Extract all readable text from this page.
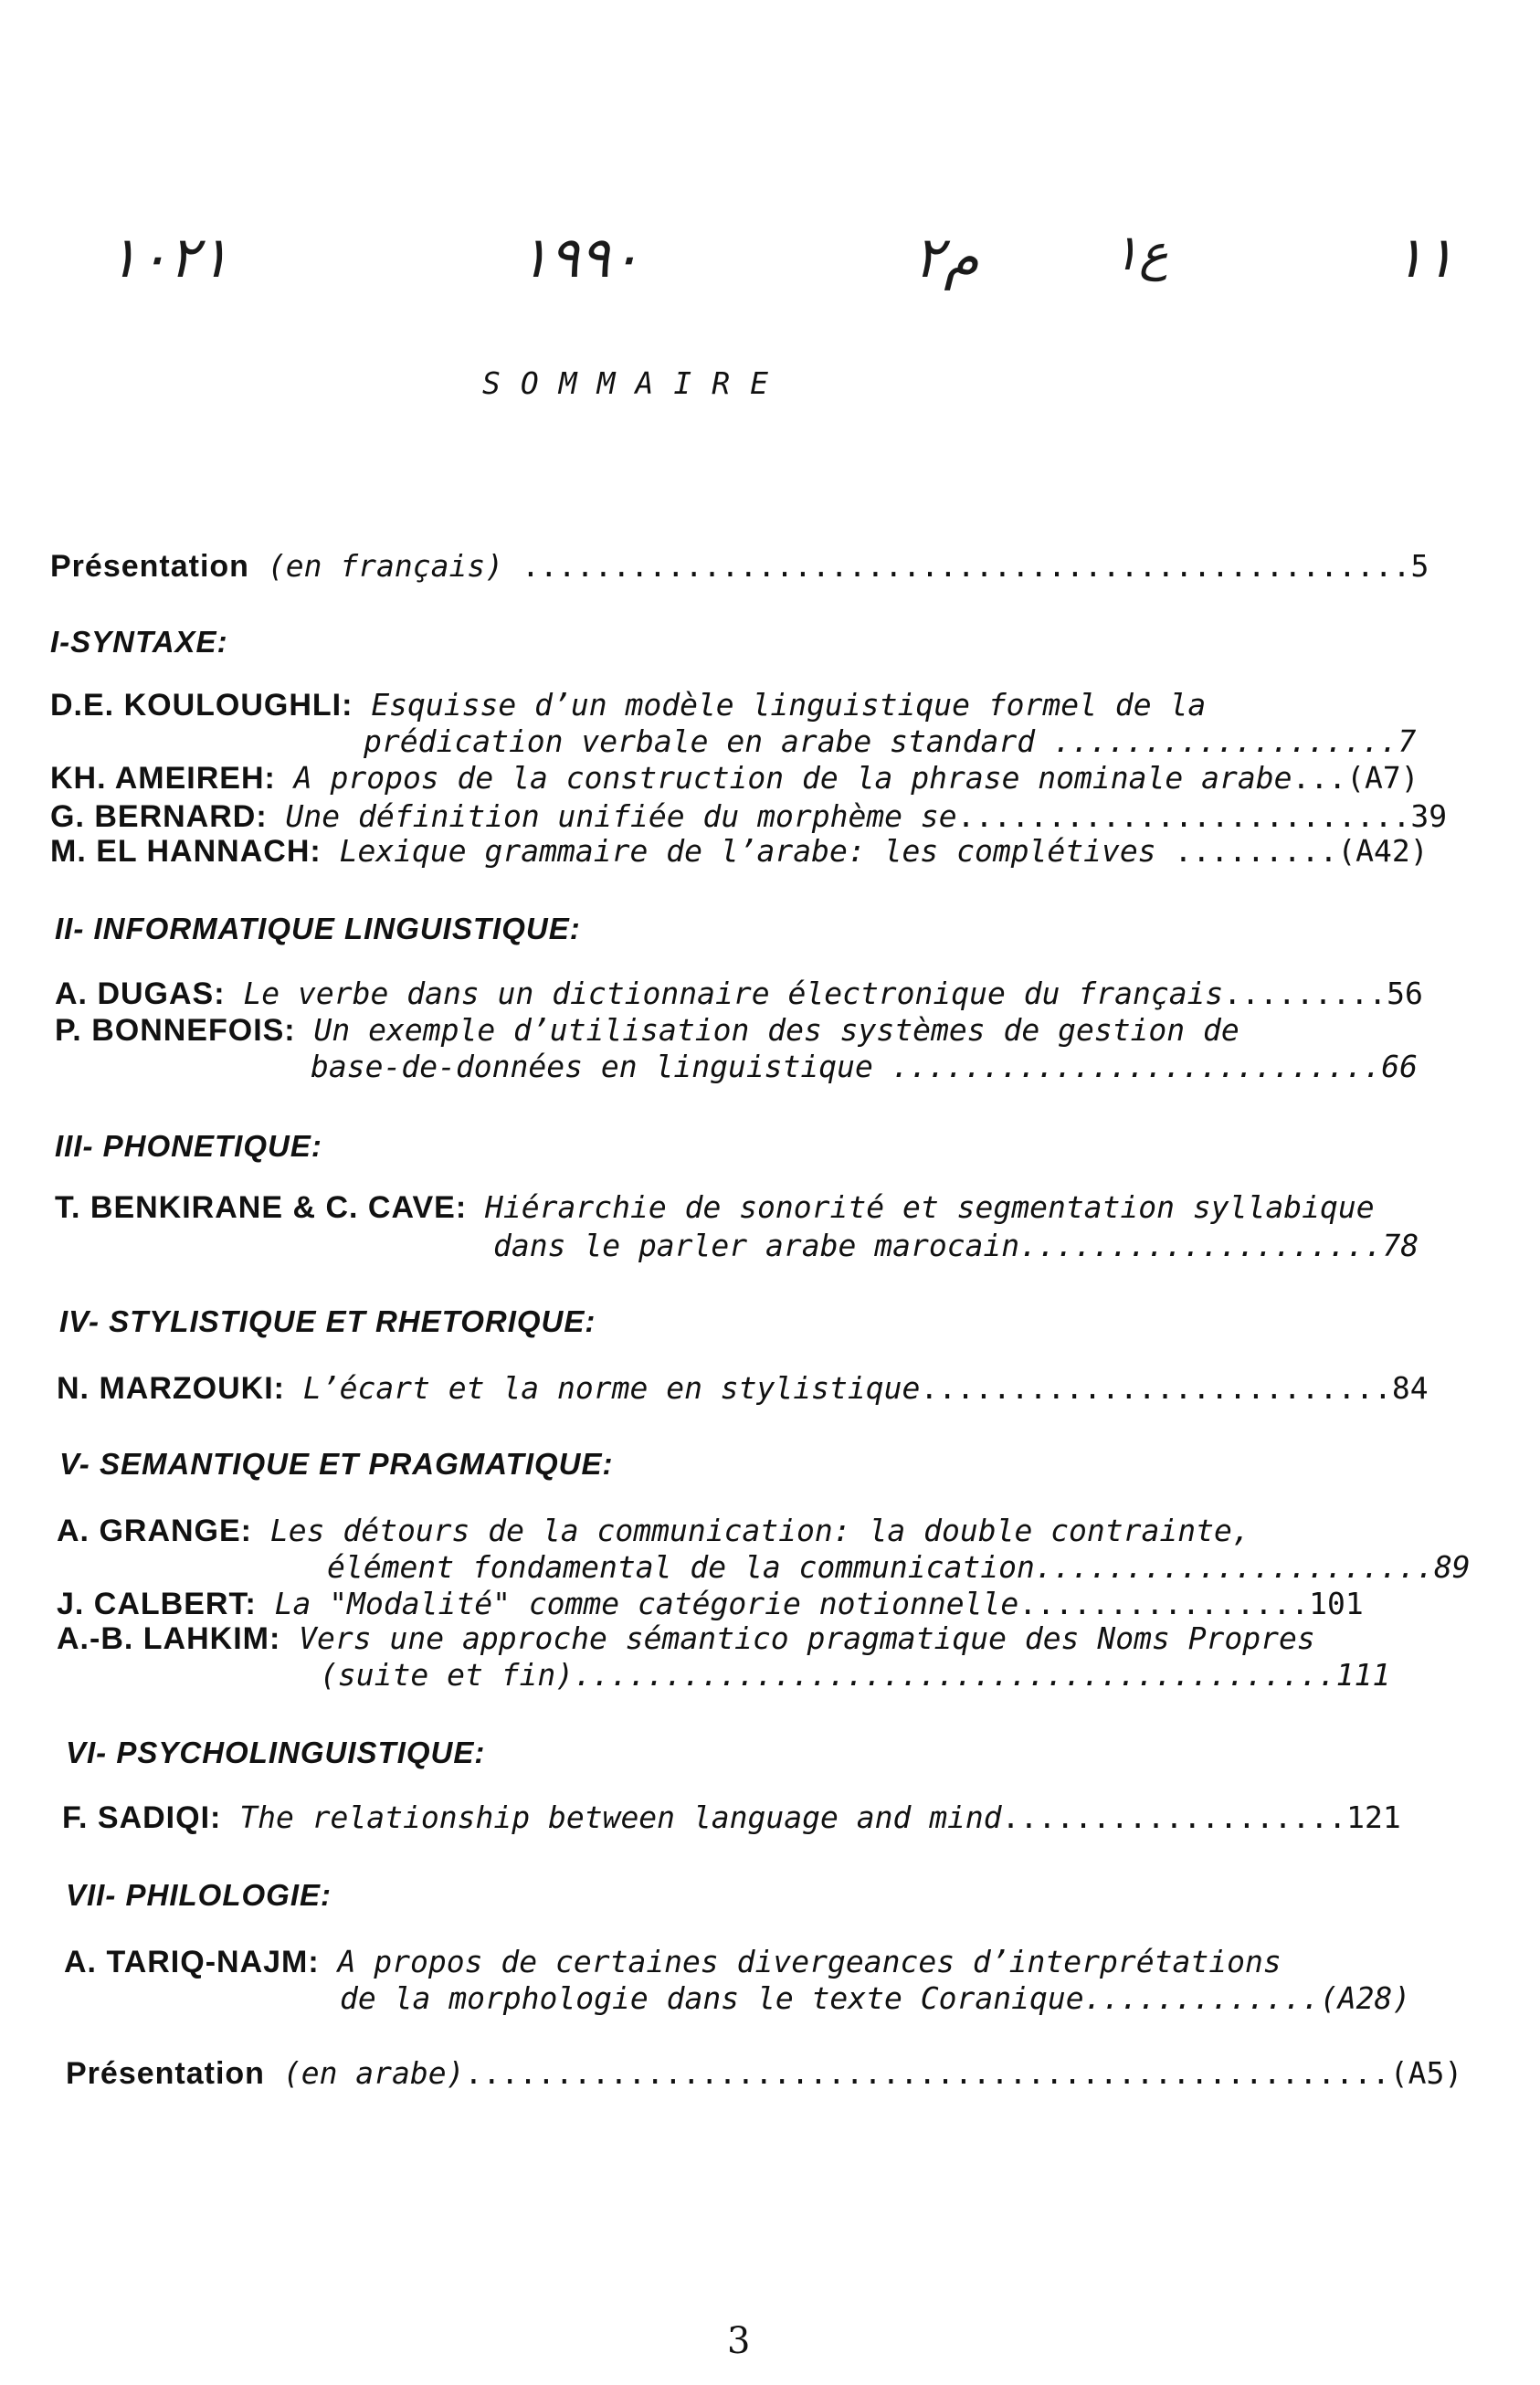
١٠٢١	١٩٩٠	م٢	ع١	١١
SOMMAIRE
Présentation (en français) .................................................5
I-SYNTAXE:
D.E. KOULOUGHLI: Esquisse d’un modèle linguistique formel de la
prédication verbale en arabe standard ...................7
KH. AMEIREH: A propos de la construction de la phrase nominale arabe...(A7)
G. BERNARD: Une définition unifiée du morphème se.........................39
M. EL HANNACH: Lexique grammaire de l’arabe: les complétives .........(A42)
II- INFORMATIQUE LINGUISTIQUE:
A. DUGAS: Le verbe dans un dictionnaire électronique du français.........56
P. BONNEFOIS: Un exemple d’utilisation des systèmes de gestion de
base-de-données en linguistique ...........................66
III- PHONETIQUE:
T. BENKIRANE & C. CAVE: Hiérarchie de sonorité et segmentation syllabique
dans le parler arabe marocain....................78
IV- STYLISTIQUE ET RHETORIQUE:
N. MARZOUKI: L’écart et la norme en stylistique..........................84
V- SEMANTIQUE ET PRAGMATIQUE:
A. GRANGE: Les détours de la communication: la double contrainte,
élément fondamental de la communication......................89
J. CALBERT: La "Modalité" comme catégorie notionnelle................101
A.-B. LAHKIM: Vers une approche sémantico pragmatique des Noms Propres
(suite et fin)..........................................111
VI- PSYCHOLINGUISTIQUE:
F. SADIQI: The relationship between language and mind...................121
VII- PHILOLOGIE:
A. TARIQ-NAJM: A propos de certaines divergeances d’interprétations
de la morphologie dans le texte Coranique.............(A28)
Présentation (en arabe)...................................................(A5)
3
